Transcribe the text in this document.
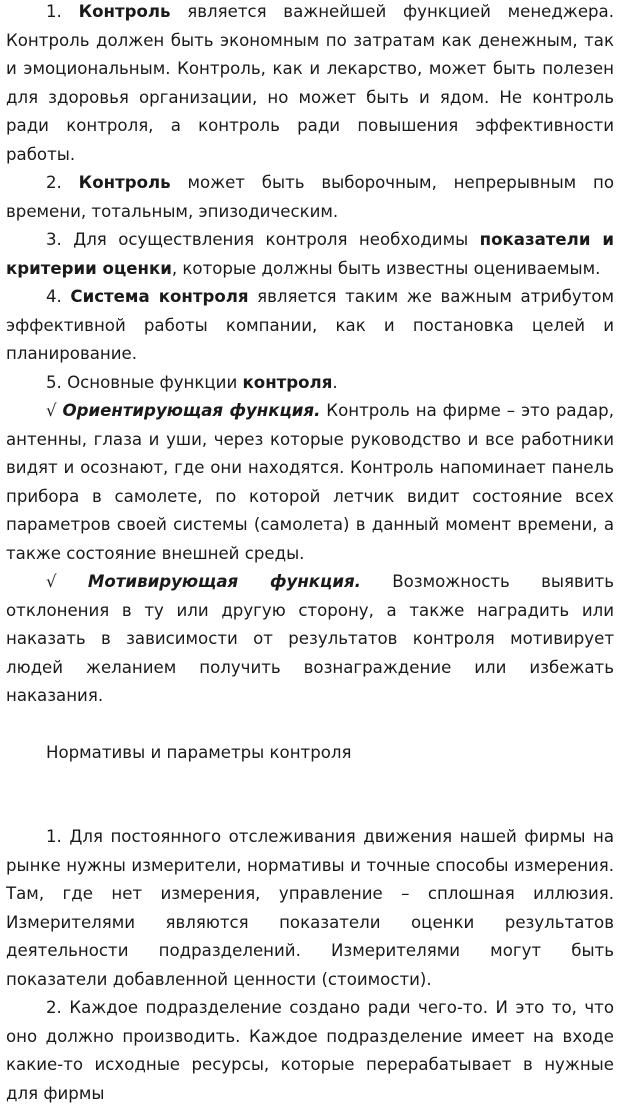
1. Контроль является важнейшей функцией менеджера. Контроль должен быть экономным по затратам как денежным, так и эмоциональным. Контроль, как и лекарство, может быть полезен для здоровья организации, но может быть и ядом. Не контроль ради контроля, а контроль ради повышения эффективности работы.

2. Контроль может быть выборочным, непрерывным по времени, тотальным, эпизодическим.

3. Для осуществления контроля необходимы показатели и критерии оценки, которые должны быть известны оцениваемым.

4. Система контроля является таким же важным атрибутом эффективной работы компании, как и постановка целей и планирование.

5. Основные функции контроля.

√ Ориентирующая функция. Контроль на фирме – это радар, антенны, глаза и уши, через которые руководство и все работники видят и осознают, где они находятся. Контроль напоминает панель прибора в самолете, по которой летчик видит состояние всех параметров своей системы (самолета) в данный момент времени, а также состояние внешней среды.

√ Мотивирующая функция. Возможность выявить отклонения в ту или другую сторону, а также наградить или наказать в зависимости от результатов контроля мотивирует людей желанием получить вознаграждение или избежать наказания.

Нормативы и параметры контроля

1. Для постоянного отслеживания движения нашей фирмы на рынке нужны измерители, нормативы и точные способы измерения. Там, где нет измерения, управление – сплошная иллюзия. Измерителями являются показатели оценки результатов деятельности подразделений. Измерителями могут быть показатели добавленной ценности (стоимости).

2. Каждое подразделение создано ради чего-то. И это то, что оно должно производить. Каждое подразделение имеет на входе какие-то исходные ресурсы, которые перерабатывает в нужные для фирмы
